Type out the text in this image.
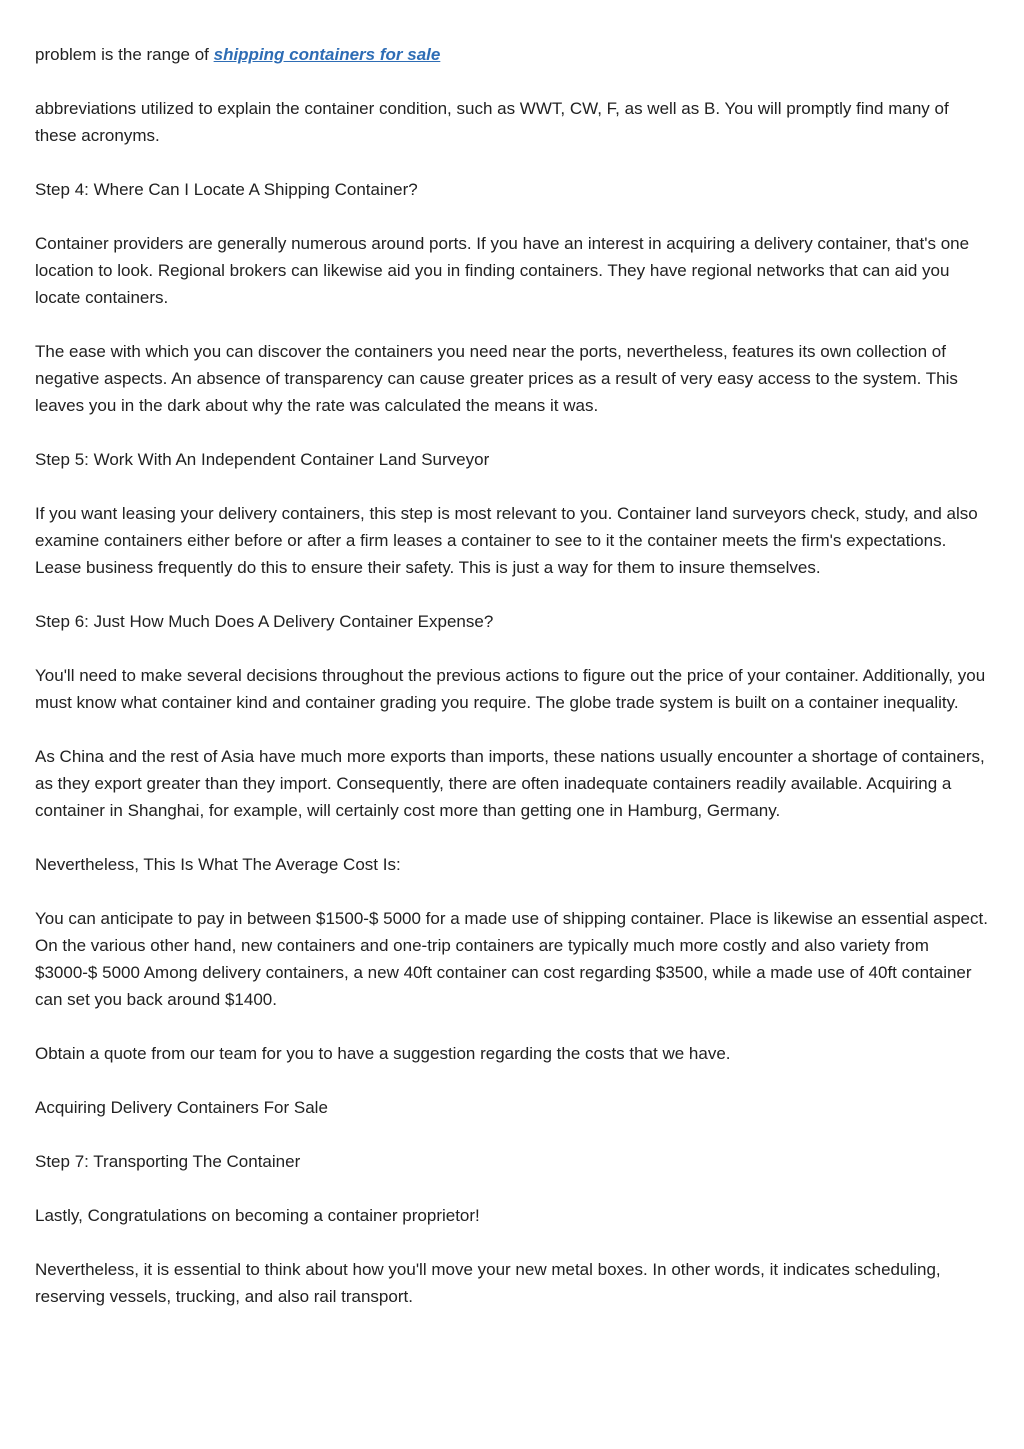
problem is the range of shipping containers for sale

abbreviations utilized to explain the container condition, such as WWT, CW, F, as well as B. You will promptly find many of these acronyms.

Step 4: Where Can I Locate A Shipping Container?

Container providers are generally numerous around ports. If you have an interest in acquiring a delivery container, that's one location to look. Regional brokers can likewise aid you in finding containers. They have regional networks that can aid you locate containers.

The ease with which you can discover the containers you need near the ports, nevertheless, features its own collection of negative aspects. An absence of transparency can cause greater prices as a result of very easy access to the system. This leaves you in the dark about why the rate was calculated the means it was.

Step 5: Work With An Independent Container Land Surveyor

If you want leasing your delivery containers, this step is most relevant to you. Container land surveyors check, study, and also examine containers either before or after a firm leases a container to see to it the container meets the firm's expectations. Lease business frequently do this to ensure their safety. This is just a way for them to insure themselves.

Step 6: Just How Much Does A Delivery Container Expense?

You'll need to make several decisions throughout the previous actions to figure out the price of your container. Additionally, you must know what container kind and container grading you require. The globe trade system is built on a container inequality.

As China and the rest of Asia have much more exports than imports, these nations usually encounter a shortage of containers, as they export greater than they import. Consequently, there are often inadequate containers readily available. Acquiring a container in Shanghai, for example, will certainly cost more than getting one in Hamburg, Germany.

Nevertheless, This Is What The Average Cost Is:

You can anticipate to pay in between $1500-$ 5000 for a made use of shipping container. Place is likewise an essential aspect. On the various other hand, new containers and one-trip containers are typically much more costly and also variety from $3000-$ 5000 Among delivery containers, a new 40ft container can cost regarding $3500, while a made use of 40ft container can set you back around $1400.

Obtain a quote from our team for you to have a suggestion regarding the costs that we have.

Acquiring Delivery Containers For Sale

Step 7: Transporting The Container

Lastly, Congratulations on becoming a container proprietor!

Nevertheless, it is essential to think about how you'll move your new metal boxes. In other words, it indicates scheduling, reserving vessels, trucking, and also rail transport.
